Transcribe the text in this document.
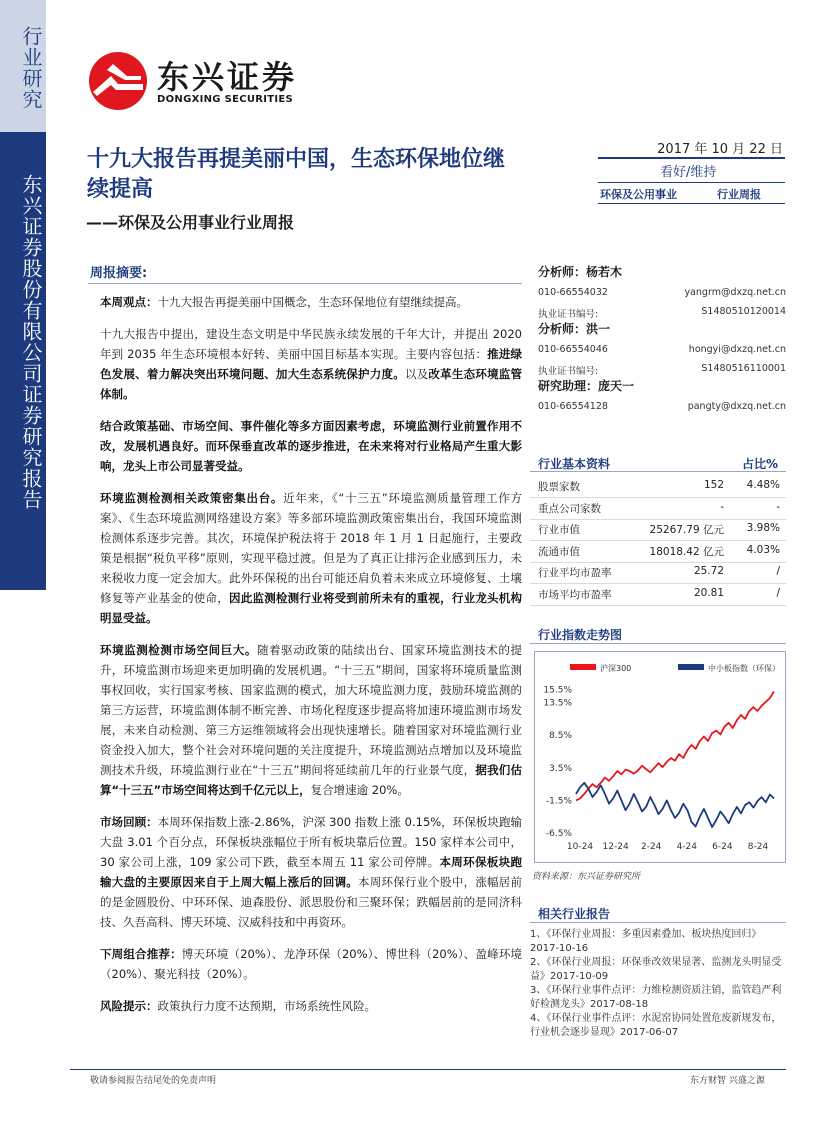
行业研究
东兴证券股份有限公司证券研究报告
东兴证券
DONGXING SECURITIES
十九大报告再提美丽中国，生态环保地位继续提高
——环保及公用事业行业周报
2017 年 10 月 22 日
看好/维持
环保及公用事业	行业周报
周报摘要:

本周观点：十九大报告再提美丽中国概念，生态环保地位有望继续提高。

十九大报告中提出，建设生态文明是中华民族永续发展的千年大计，并提出 2020 年到 2035 年生态环境根本好转、美丽中国目标基本实现。主要内容包括：推进绿色发展、着力解决突出环境问题、加大生态系统保护力度。以及改革生态环境监管体制。

结合政策基础、市场空间、事件催化等多方面因素考虑，环境监测行业前置作用不改，发展机遇良好。而环保垂直改革的逐步推进，在未来将对行业格局产生重大影响，龙头上市公司显著受益。

环境监测检测相关政策密集出台。近年来，《“十三五”环境监测质量管理工作方案》、《生态环境监测网络建设方案》等多部环境监测政策密集出台，我国环境监测检测体系逐步完善。其次，环境保护税法将于 2018 年 1 月 1 日起施行，主要政策是根据“税负平移”原则，实现平稳过渡。但是为了真正让排污企业感到压力，未来税收力度一定会加大。此外环保税的出台可能还肩负着未来成立环境修复、土壤修复等产业基金的使命，因此监测检测行业将受到前所未有的重视，行业龙头机构明显受益。

环境监测检测市场空间巨大。随着驱动政策的陆续出台、国家环境监测技术的提升，环境监测市场迎来更加明确的发展机遇。“十三五”期间，国家将环境质量监测事权回收，实行国家考核、国家监测的模式，加大环境监测力度，鼓励环境监测的第三方运营，环境监测体制不断完善、市场化程度逐步提高将加速环境监测市场发展，未来自动检测、第三方运维领域将会出现快速增长。随着国家对环境监测行业资金投入加大，整个社会对环境问题的关注度提升，环境监测站点增加以及环境监测技术升级，环境监测行业在“十三五”期间将延续前几年的行业景气度，据我们估算“十三五”市场空间将达到千亿元以上，复合增速逾 20%。

市场回顾：本周环保指数上涨-2.86%，沪深 300 指数上涨 0.15%，环保板块跑输大盘 3.01 个百分点，环保板块涨幅位于所有板块靠后位置。150 家样本公司中，30 家公司上涨，109 家公司下跌，截至本周五 11 家公司停牌。本周环保板块跑输大盘的主要原因来自于上周大幅上涨后的回调。本周环保行业个股中，涨幅居前的是金圆股份、中环环保、迪森股份、派思股份和三聚环保；跌幅居前的是同济科技、久吾高科、博天环境、汉威科技和中再资环。

下周组合推荐：博天环境（20%）、龙净环保（20%）、博世科（20%）、盈峰环境（20%）、聚光科技（20%）。

风险提示：政策执行力度不达预期，市场系统性风险。

分析师：杨若木
010-66554032	yangrm@dxzq.net.cn
执业证书编号:	S1480510120014
分析师：洪一
010-66554046	hongyi@dxzq.net.cn
执业证书编号:	S1480516110001
研究助理：庞天一
010-66554128	pangty@dxzq.net.cn
行业基本资料	占比%
股票家数	152 4.48%
重点公司家数	-	-
行业市值	25267.79 亿元 3.98%
流通市值	18018.42 亿元 4.03%
行业平均市盈率	25.72	/
市场平均市盈率	20.81	/
行业指数走势图
沪深300	中小板指数（环保）
15.5%
13.5%
8.5%
3.5%
-1.5%
-6.5%
10-24 12-24 2-24 4-24 6-24 8-24
资料来源：东兴证券研究所
相关行业报告
1、《环保行业周报：多重因素叠加、板块热度回归》2017-10-16
2、《环保行业周报：环保垂改效果显著、监测龙头明显受益》2017-10-09
3、《环保行业事件点评：力维检测资质注销，监管趋严利好检测龙头》2017-08-18
4、《环保行业事件点评：水泥窑协同处置危废新规发布，行业机会逐步显现》2017-06-07
敬请参阅报告结尾处的免责声明	东方财智 兴盛之源
